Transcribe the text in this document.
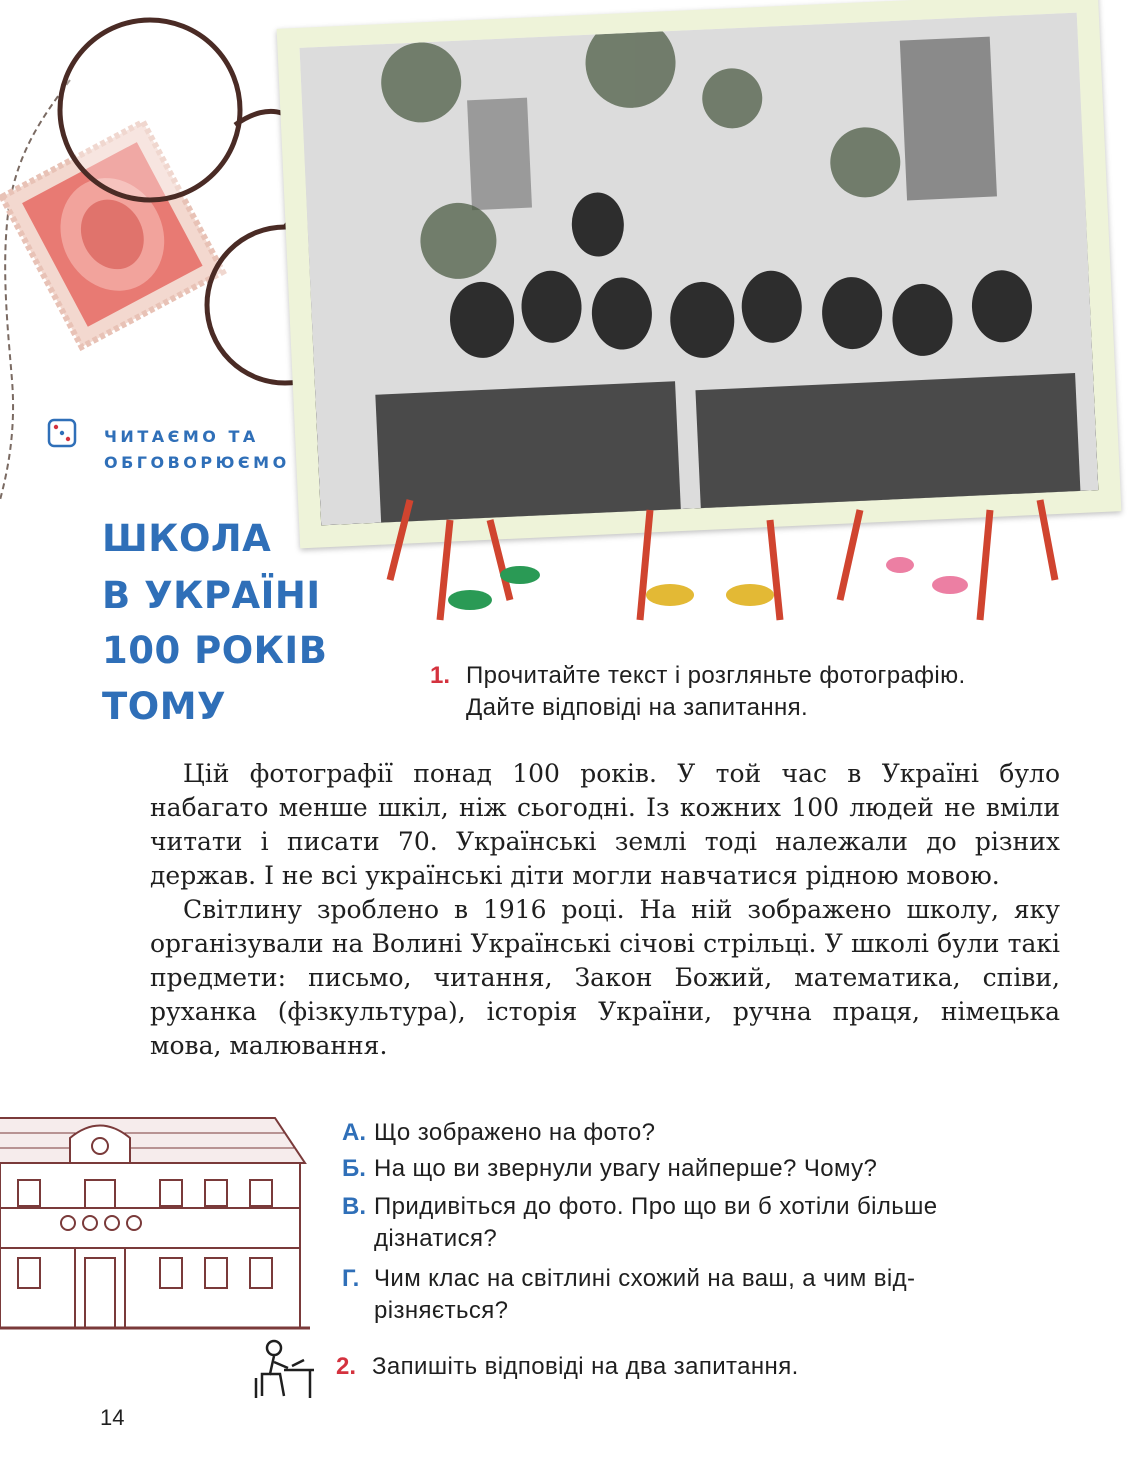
ЧИТАЄМО ТА
ОБГОВОРЮЄМО
ШКОЛА
В УКРАЇНІ
100 РОКІВ
ТОМУ
1. Прочитайте текст і розгляньте фотографію.
Дайте відповіді на запитання.

Цій фотографії понад 100 років. У той час в Україні було набагато менше шкіл, ніж сьогодні. Із кожних 100 людей не вміли читати і писати 70. Українські землі тоді належали до різних держав. І не всі українські діти могли навчатися рідною мовою.

Світлину зроблено в 1916 році. На ній зображено школу, яку організували на Волині Українські січові стрільці. У школі були такі предмети: письмо, читання, Закон Божий, математика, співи, руханка (фізкультура), історія України, ручна праця, німецька мова, малювання.

А. Що зображено на фото?
Б. На що ви звернули увагу найперше? Чому?
В. Придивіться до фото. Про що ви б хотіли більше
дізнатися?
Г. Чим клас на світлині схожий на ваш, а чим від-
різняється?
2. Запишіть відповіді на два запитання.
14
